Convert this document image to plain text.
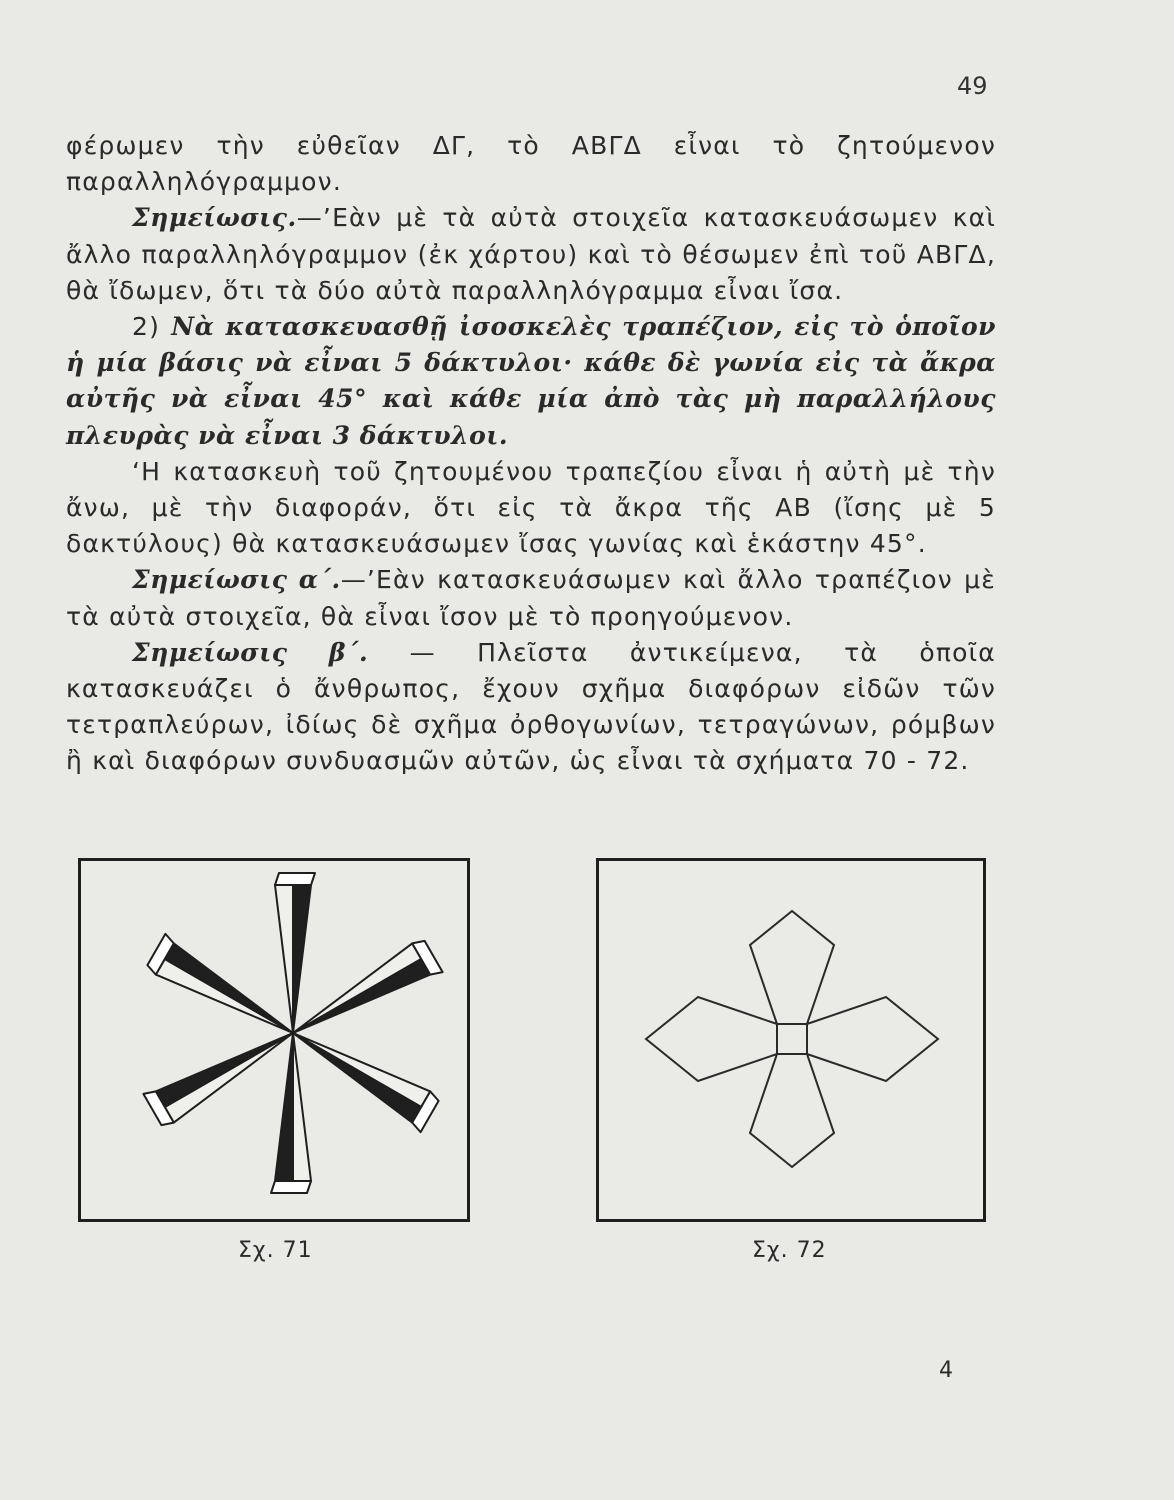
49

φέρωμεν τὴν εὐθεῖαν ΔΓ, τὸ ΑΒΓΔ εἶναι τὸ ζητούμενον παραλληλόγραμμον.

Σημείωσις.—’Εὰν μὲ τὰ αὐτὰ στοιχεῖα κατασκευάσωμεν καὶ ἄλλο παραλληλόγραμμον (ἐκ χάρτου) καὶ τὸ θέσωμεν ἐπὶ τοῦ ΑΒΓΔ, θὰ ἴδωμεν, ὅτι τὰ δύο αὐτὰ παραλληλόγραμμα εἶναι ἴσα.

2) Νὰ κατασκευασθῇ ἰσοσκελὲς τραπέζιον, εἰς τὸ ὁποῖον ἡ μία βάσις νὰ εἶναι 5 δάκτυλοι· κάθε δὲ γωνία εἰς τὰ ἄκρα αὐτῆς νὰ εἶναι 45° καὶ κάθε μία ἀπὸ τὰς μὴ παραλλήλους πλευρὰς νὰ εἶναι 3 δάκτυλοι.

‘Η κατασκευὴ τοῦ ζητουμένου τραπεζίου εἶναι ἡ αὐτὴ μὲ τὴν ἄνω, μὲ τὴν διαφοράν, ὅτι εἰς τὰ ἄκρα τῆς ΑΒ (ἴσης μὲ 5 δακτύλους) θὰ κατασκευάσωμεν ἴσας γωνίας καὶ ἑκάστην 45°.

Σημείωσις α΄.—’Εὰν κατασκευάσωμεν καὶ ἄλλο τραπέζιον μὲ τὰ αὐτὰ στοιχεῖα, θὰ εἶναι ἴσον μὲ τὸ προηγούμενον.

Σημείωσις β΄. — Πλεῖστα ἀντικείμενα, τὰ ὁποῖα κατασκευάζει ὁ ἄνθρωπος, ἔχουν σχῆμα διαφόρων εἰδῶν τῶν τετραπλεύρων, ἰδίως δὲ σχῆμα ὀρθογωνίων, τετραγώνων, ρόμβων ἢ καὶ διαφόρων συνδυασμῶν αὐτῶν, ὡς εἶναι τὰ σχήματα 70 - 72.

Σχ. 71	Σχ. 72
4
